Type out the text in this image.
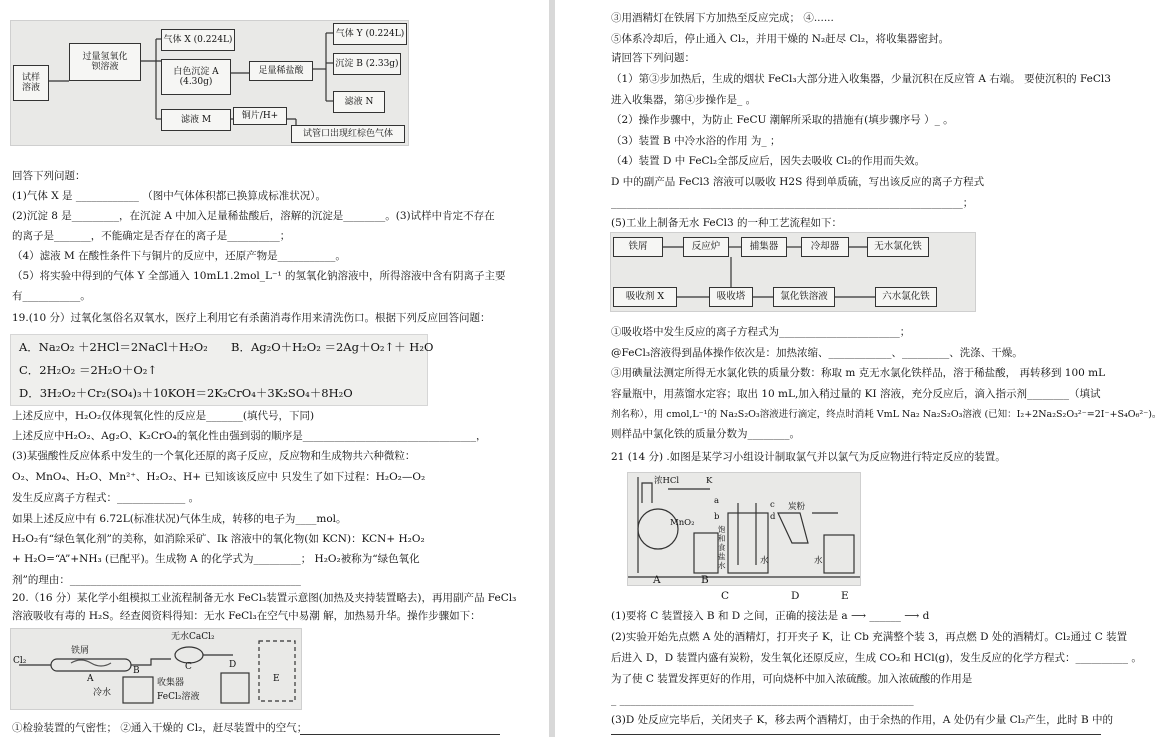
试样
溶液
过量氢氧化
钡溶液
气体 X (0.224L)
白色沉淀 A
(4.30g)
滤液 M
足量稀盐酸
铜片/H+
气体 Y (0.224L)
沉淀 B (2.33g)
滤液 N
试管口出现红棕色气体
回答下列问题：
(1)气体 X 是 ____________ （图中气体体积都已换算成标准状况）。
(2)沉淀 8 是_________，在沉淀 A 中加入足量稀盐酸后，溶解的沉淀是________。(3)试样中肯定不存在
的离子是_______，不能确定是否存在的离子是__________；
（4）滤液 M 在酸性条件下与铜片的反应中，还原产物是___________。
（5）将实验中得到的气体 Y 全部通入 10mL1.2mol_L⁻¹ 的氢氧化钠溶液中，所得溶液中含有阴离子主要
有___________。
19.(10 分）过氧化氢俗名双氧水，医疗上利用它有杀菌消毒作用来清洗伤口。根据下列反应回答问题：
A．Na₂O₂ ＋2HCl＝2NaCl＋H₂O₂ B．Ag₂O＋H₂O₂ ＝2Ag＋O₂↑＋ H₂O
C．2H₂O₂ ＝2H₂O＋O₂↑
D．3H₂O₂＋Cr₂(SO₄)₃＋10KOH＝2K₂CrO₄＋3K₂SO₄＋8H₂O
上述反应中，H₂O₂仅体现氧化性的反应是_______(填代号，下同)
上述反应中H₂O₂、Ag₂O、K₂CrO₄的氧化性由强到弱的顺序是_________________________________，
(3)某强酸性反应体系中发生的一个氧化还原的离子反应，反应物和生成物共六种微粒：
O₂、MnO₄、H₂O、Mn²⁺、H₂O₂、H+ 已知该该反应中 只发生了如下过程：H₂O₂—O₂
发生反应离子方程式：_____________ 。
如果上述反应中有 6.72L(标准状况)气体生成，转移的电子为____mol。
H₂O₂有“绿色氧化剂”的美称，如消除采矿、Ik 溶液中的氧化物(如 KCN)：KCN+ H₂O₂
+ H₂O=“A”+NH₃ (已配平)。生成物 A 的化学式为_________； H₂O₂被称为“绿色氧化
剂”的理由：____________________________________________
20.（16 分）某化学小组模拟工业流程制备无水 FeCl₃装置示意图(加热及夹持装置略去)，再用副产品 FeCl₃
溶液吸收有毒的 H₂S。经查阅资料得知：无水 FeCl₃在空气中易潮 解，加热易升华。操作步骤如下：
Cl₂
铁屑
A
无水CaCl₂
B	C	D
E
冷水
收集器
FeCl₂溶液
①检验装置的气密性； ②通入干燥的 Cl₂，赶尽装置中的空气；
③用酒精灯在铁屑下方加热至反应完成； ④......
⑤体系冷却后，停止通入 Cl₂，并用干燥的 N₂赶尽 Cl₂，将收集器密封。
请回答下列问题：
（1）第③步加热后，生成的烟状 FeCl₃大部分进入收集器，少量沉积在反应管 A 右端。 要使沉积的 FeCl3
进入收集器，第④步操作是_ 。
（2）操作步骤中，为防止 FeCU 潮解所采取的措施有(填步骤序号 ）_ 。
（3）装置 B 中冷水浴的作用 为_ ；
（4）装置 D 中 FeCl₂全部反应后，因失去吸收 Cl₂的作用而失效。
D 中的副产品 FeCl3 溶液可以吸收 H2S 得到单质硫，写出该反应的离子方程式
___________________________________________________________________；
(5)工业上制备无水 FeCl3 的一种工艺流程如下：
铁屑	反应炉	捕集器	冷却器	无水氯化铁
吸收剂 X	吸收塔	氯化铁溶液	六水氯化铁
①吸收塔中发生反应的离子方程式为_______________________；
@FeCl₃溶液得到晶体操作依次是：加热浓缩、____________、_________、洗涤、干燥。
③用碘量法测定所得无水氯化铁的质量分数：称取 m 克无水氯化铁样品，溶于稀盐酸， 再转移到 100 mL
容量瓶中，用蒸馏水定容；取出 10 mL,加入稍过量的 KI 溶液，充分反应后，滴入指示剂________（填试
剂名称），用 cmol,L⁻¹的 Na₂S₂O₃溶液进行滴定，终点时消耗 VmL Na₂ Na₂S₂O₃溶液 (已知：I₂+2Na₂S₂O₃²⁻=2I⁻+S₄O₆²⁻)。
则样品中氯化铁的质量分数为________。
21 (14 分) .如图是某学习小组设计制取氯气并以氯气为反应物进行特定反应的装置。
浓HCl	K
MnO₂
a
b
c
d
饱和食盐水	水
炭粉
水
A	B
C	D	E
(1)要将 C 装置接入 B 和 D 之间，正确的接法是 a ⟶ ______ ⟶ d
(2)实验开始先点燃 A 处的酒精灯，打开夹子 K，让 Cb 充满整个装 3，再点燃 D 处的酒精灯。Cl₂通过 C 装置
后进入 D，D 装置内盛有炭粉，发生氧化还原反应，生成 CO₂和 HCl(g)，发生反应的化学方程式：__________ 。
为了使 C 装置发挥更好的作用，可向烧杯中加入浓硫酸。加入浓硫酸的作用是
_ ________________________________________________________
(3)D 处反应完毕后，关闭夹子 K，移去两个酒精灯，由于余热的作用，A 处仍有少量 Cl₂产生，此时 B 中的
